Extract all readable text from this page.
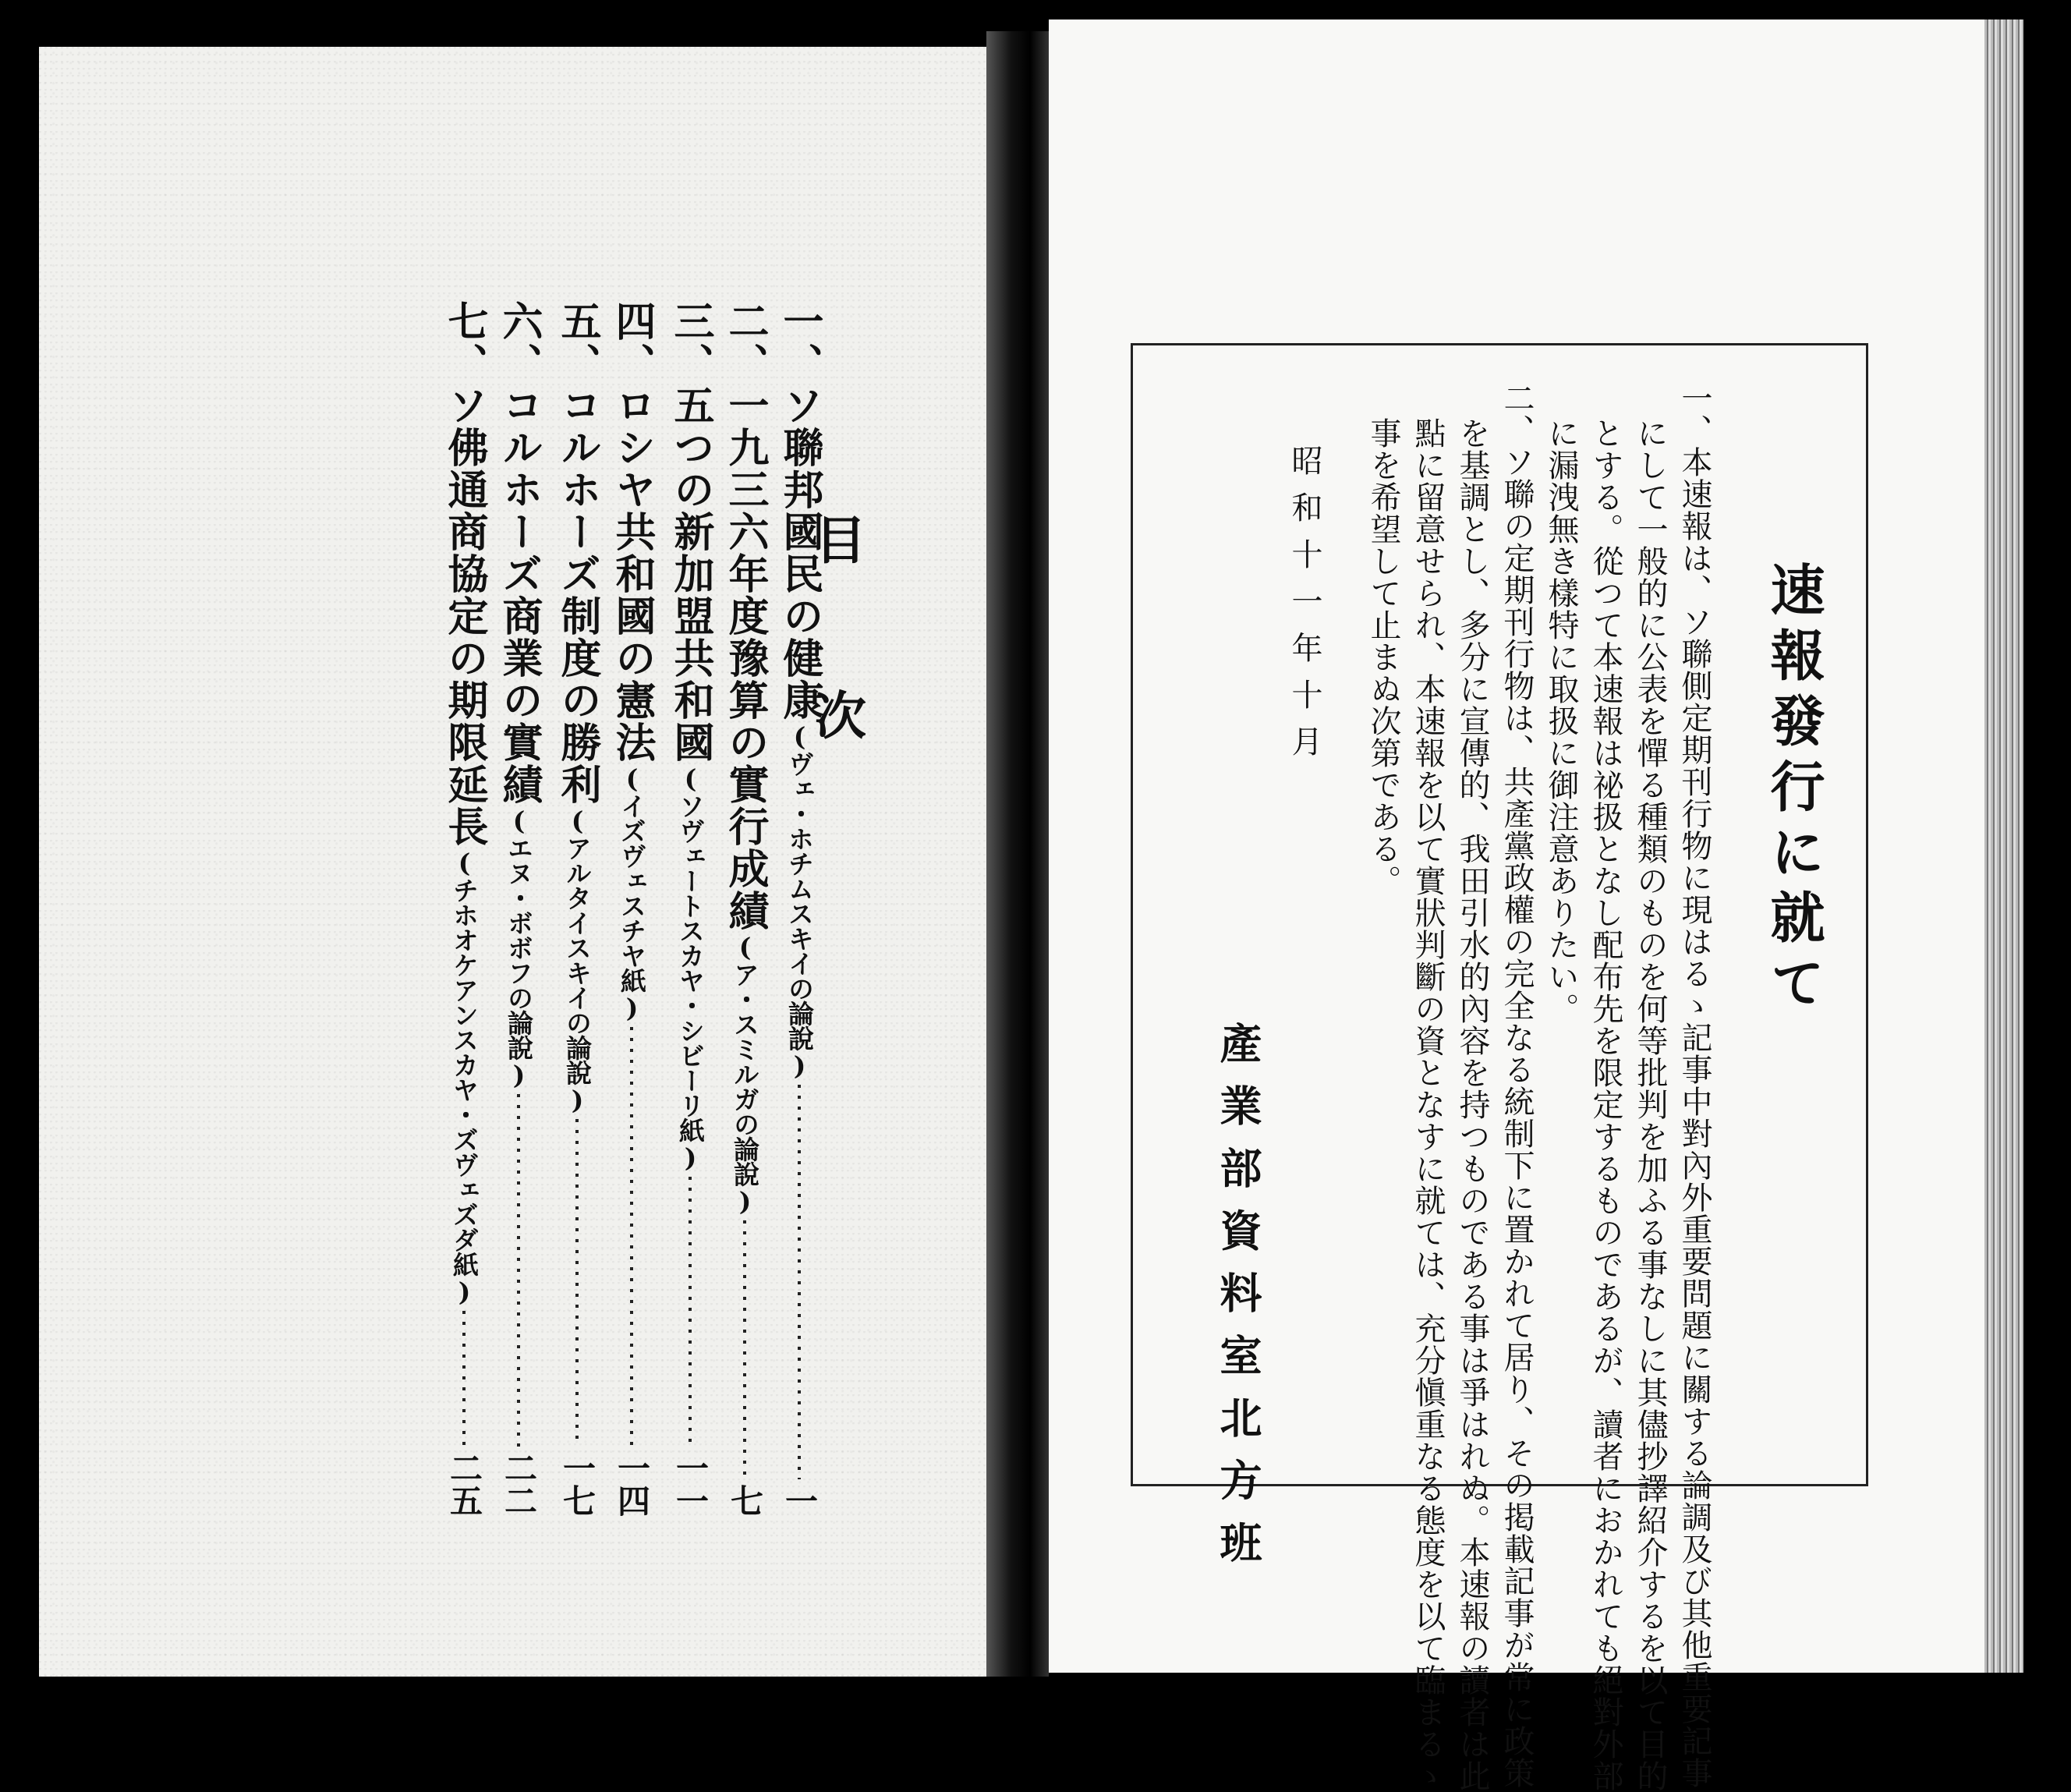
目
次
一、ソ聯邦國民の健康
(ヴェ・ホチムスキイの論說)
一
二、一九三六年度豫算の實行成績
(ア・スミルガの論說)
七
三、五つの新加盟共和國
(ソヴェートスカヤ・シビーリ紙)
一一
四、ロシヤ共和國の憲法
(イズヴェスチヤ紙)
一四
五、コルホーズ制度の勝利
(アルタイスキイの論說)
一七
六、コルホーズ商業の實績
(エヌ・ボボフの論說)
二二
七、ソ佛通商協定の期限延長
(チホオケアンスカヤ・ズヴェズダ紙)
二五
速報發行に就て
一、本速報は、ソ聯側定期刊行物に現はるゝ記事中對內外重要問題に關する論調及び其他重要記事
にして一般的に公表を憚る種類のものを何等批判を加ふる事なしに其儘抄譯紹介するを以て目的
とする。從つて本速報は祕扱となし配布先を限定するものであるが、讀者におかれても絕對外部
に漏洩無き樣特に取扱に御注意ありたい。
二、ソ聯の定期刊行物は、共產黨政權の完全なる統制下に置かれて居り、その掲載記事が常に政策
を基調とし、多分に宣傳的、我田引水的內容を持つものである事は爭はれぬ。本速報の讀者は此
點に留意せられ、本速報を以て實狀判斷の資となすに就ては、充分愼重なる態度を以て臨まるゝ
事を希望して止まぬ次第である。
昭和十一年十月
產業部資料室北方班
